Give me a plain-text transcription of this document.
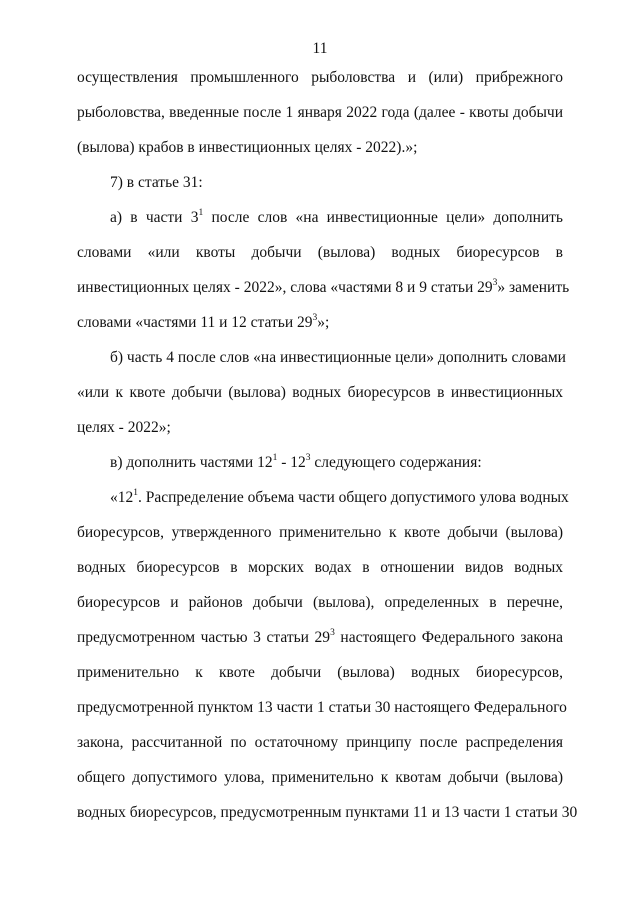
11
осуществления промышленного рыболовства и (или) прибрежного
рыболовства, введенные после 1 января 2022 года (далее - квоты добычи
(вылова) крабов в инвестиционных целях - 2022).»;
7) в статье 31:
а) в части $3^1$ после слов «на инвестиционные цели» дополнить
словами «или квоты добычи (вылова) водных биоресурсов в
инвестиционных целях - 2022», слова «частями 8 и 9 статьи $29^3$» заменить
словами «частями 11 и 12 статьи $29^3$»;
б) часть 4 после слов «на инвестиционные цели» дополнить словами
«или к квоте добычи (вылова) водных биоресурсов в инвестиционных
целях - 2022»;
в) дополнить частями $12^1 - 12^3$ следующего содержания:
«$12^1$. Распределение объема части общего допустимого улова водных
биоресурсов, утвержденного применительно к квоте добычи (вылова)
водных биоресурсов в морских водах в отношении видов водных
биоресурсов и районов добычи (вылова), определенных в перечне,
предусмотренном частью 3 статьи $29^3$ настоящего Федерального закона
применительно к квоте добычи (вылова) водных биоресурсов,
предусмотренной пунктом 13 части 1 статьи 30 настоящего Федерального
закона, рассчитанной по остаточному принципу после распределения
общего допустимого улова, применительно к квотам добычи (вылова)
водных биоресурсов, предусмотренным пунктами 11 и 13 части 1 статьи 30
